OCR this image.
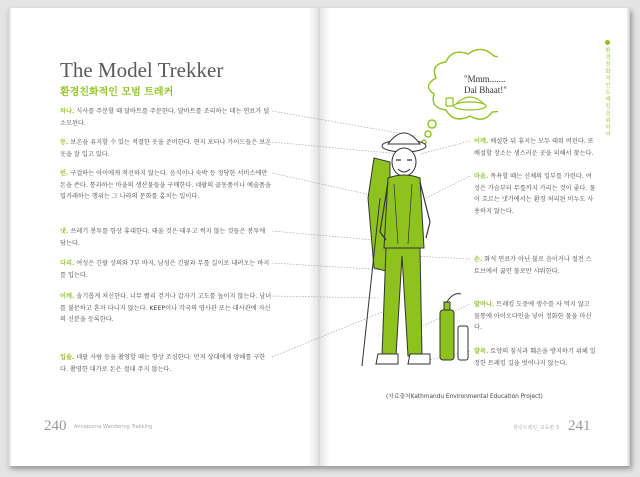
The Model Trekker
환경친화적인 모범 트레커
차나. 식사를 주문할 때 달바트를 주문한다. 달바트를 조리하는 데는 연료가 덜 소모된다.
등. 보온을 유지할 수 있는 적절한 옷을 준비한다. 현지 포터나 가이드들은 보온 옷을 잘 입고 있다.
빈. 구걸하는 아이에게 적선하지 않는다. 음식이나 숙박 등 정당한 서비스에만 돈을 쓴다. 통과하는 마을의 생산물들을 구매한다. 네팔의 골동품이나 예술품을 밀거래하는 행위는 그 나라의 문화를 훔치는 일이다.
냇. 쓰레기 봉투를 항상 휴대한다. 태울 것은 태우고 썩지 않는 것들은 봉투에 담는다.
다리. 여성은 긴팔 상의와 7부 바지, 남성은 긴팔과 무릎 길이로 내려오는 바지를 입는다.
어깨. 솔기롭게 처신한다. 너무 빨리 걷거나 갑자기 고도를 높이지 않는다. 남녀를 불문하고 혼자 다니지 않는다. KEEP이나 각국의 영사관 또는 대사관에 자신의 신분을 등록한다.
입술. 네팔 사람 등을 촬영할 때는 항상 조심한다. 먼저 상대에게 양해를 구한다. 촬영한 대가로 돈은 절대 주지 않는다.
240 Annapurna Wandering Trekking
"Mmm.......
Dal Bhaat!"
어깨. 배설한 뒤 휴지는 모두 태워 버린다. 또 배설할 장소는 샘스러운 곳을 피해서 찾는다.
마음. 목욕할 때는 신체의 일부를 가린다. 여성은 가슴부터 무릎까지 가리는 것이 좋다. 물이 흐르는 냇가에서는 환경 처리된 비누도 사용하지 않는다.
손. 화석 연료가 아닌 불로 음이거나 절전 스토브에서 끓인 물로만 샤워한다.
발바나. 트레킹 도중에 생수를 사 먹지 않고 물통에 아이오다인을 넣어 정화한 물을 마신다.
발목. 토양의 침식과 훼손을 방지하기 위해 일정한 트레킹 길을 벗어나지 않는다.
(자료출처Kathmandu Environmental Education Project)
환경친화적인트레킹을위하여
힐링트레킹_교육편 3 241
